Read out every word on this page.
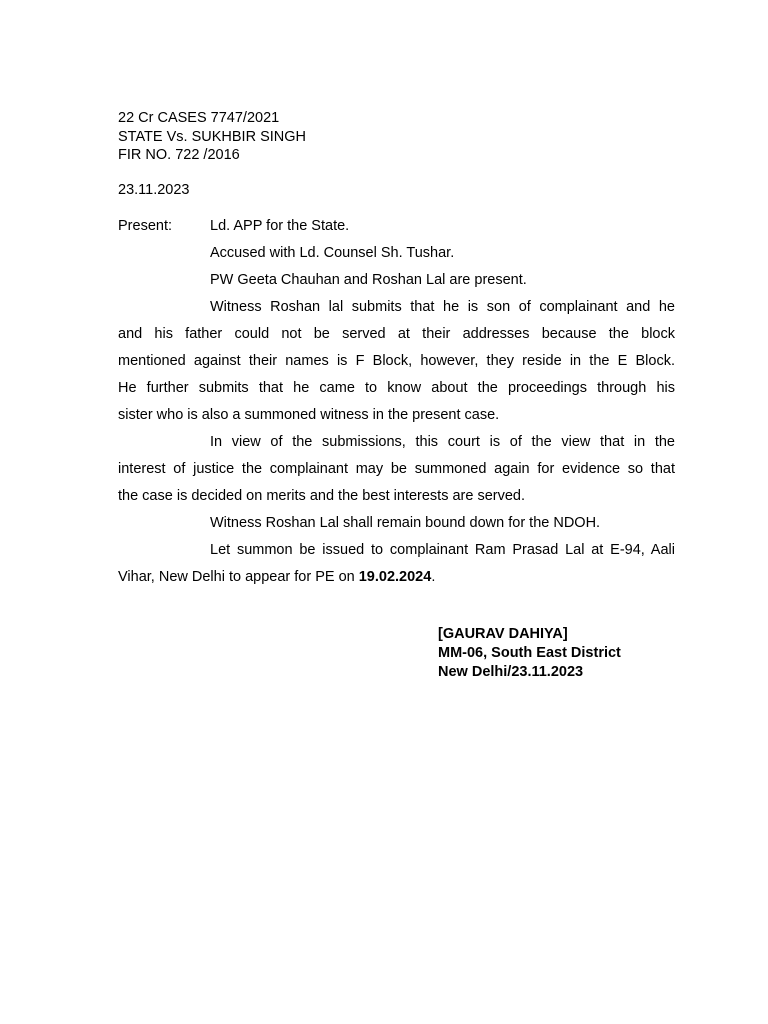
22 Cr CASES 7747/2021
STATE Vs. SUKHBIR SINGH
FIR NO. 722 /2016
23.11.2023
Present:	Ld. APP for the State.
Accused with Ld. Counsel Sh. Tushar.
PW Geeta Chauhan and Roshan Lal are present.
Witness Roshan lal submits that he is son of complainant and he
and his father could not be served at their addresses because the block
mentioned against their names is F Block, however, they reside in the E Block.
He further submits that he came to know about the proceedings through his
sister who is also a summoned witness in the present case.
In view of the submissions, this court is of the view that in the
interest of justice the complainant may be summoned again for evidence so that
the case is decided on merits and the best interests are served.
Witness Roshan Lal shall remain bound down for the NDOH.
Let summon be issued to complainant Ram Prasad Lal at E-94, Aali
Vihar, New Delhi to appear for PE on 19.02.2024.
[GAURAV DAHIYA]
MM-06, South East District
New Delhi/23.11.2023
